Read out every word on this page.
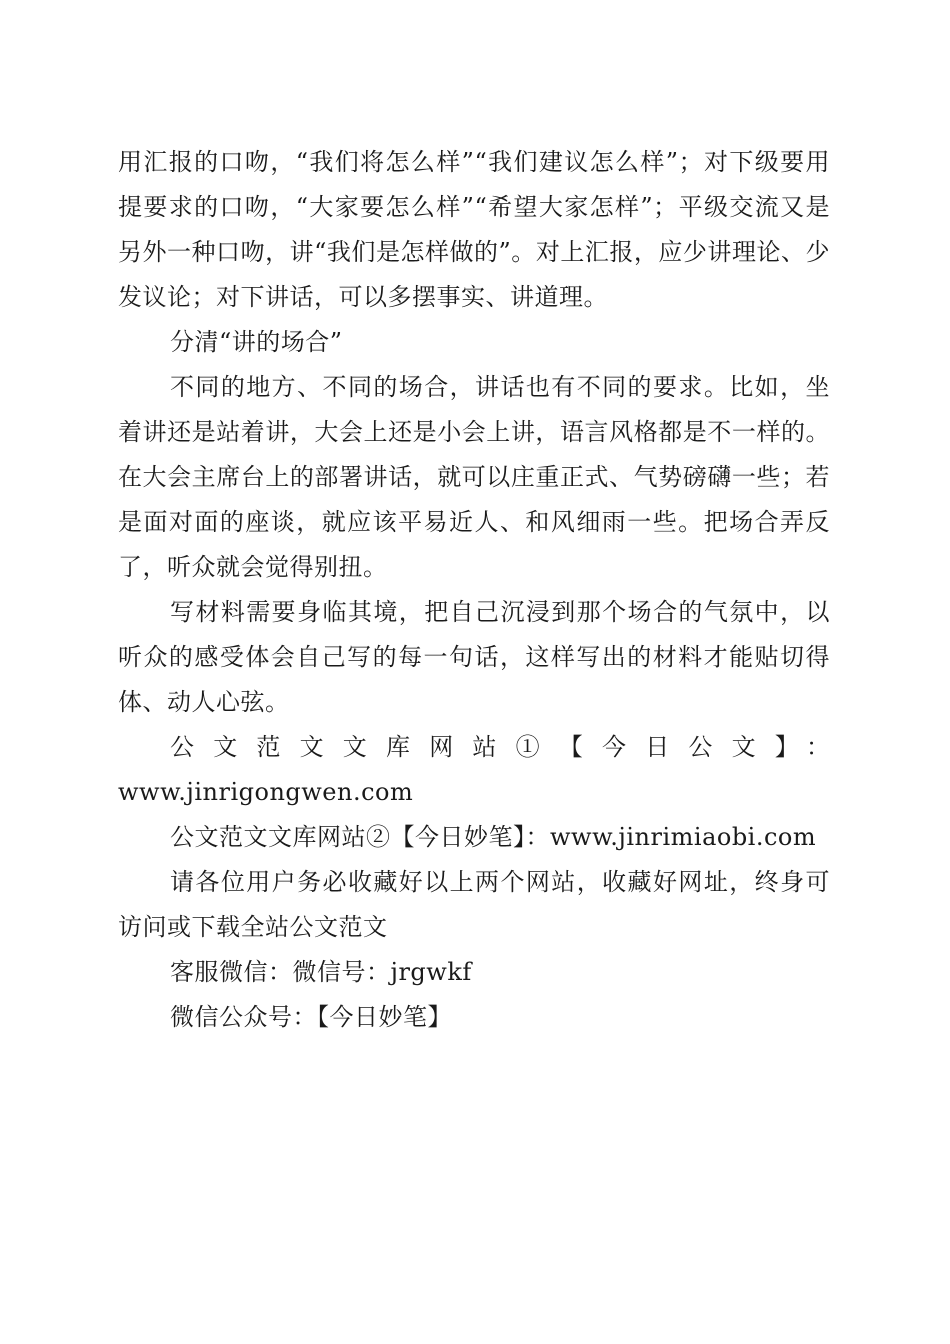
用汇报的口吻，“我们将怎么样”“我们建议怎么样”；对下级要用提要求的口吻，“大家要怎么样”“希望大家怎样”；平级交流又是另外一种口吻，讲“我们是怎样做的”。对上汇报，应少讲理论、少发议论；对下讲话，可以多摆事实、讲道理。

分清“讲的场合”

不同的地方、不同的场合，讲话也有不同的要求。比如，坐着讲还是站着讲，大会上还是小会上讲，语言风格都是不一样的。在大会主席台上的部署讲话，就可以庄重正式、气势磅礴一些；若是面对面的座谈，就应该平易近人、和风细雨一些。把场合弄反了，听众就会觉得别扭。

写材料需要身临其境，把自己沉浸到那个场合的气氛中，以听众的感受体会自己写的每一句话，这样写出的材料才能贴切得体、动人心弦。

公文范文文库网站①【今日公文】：

www.jinrigongwen.com

公文范文文库网站②【今日妙笔】：www.jinrimiaobi.com

请各位用户务必收藏好以上两个网站，收藏好网址，终身可访问或下载全站公文范文

客服微信：微信号：jrgwkf

微信公众号：【今日妙笔】
